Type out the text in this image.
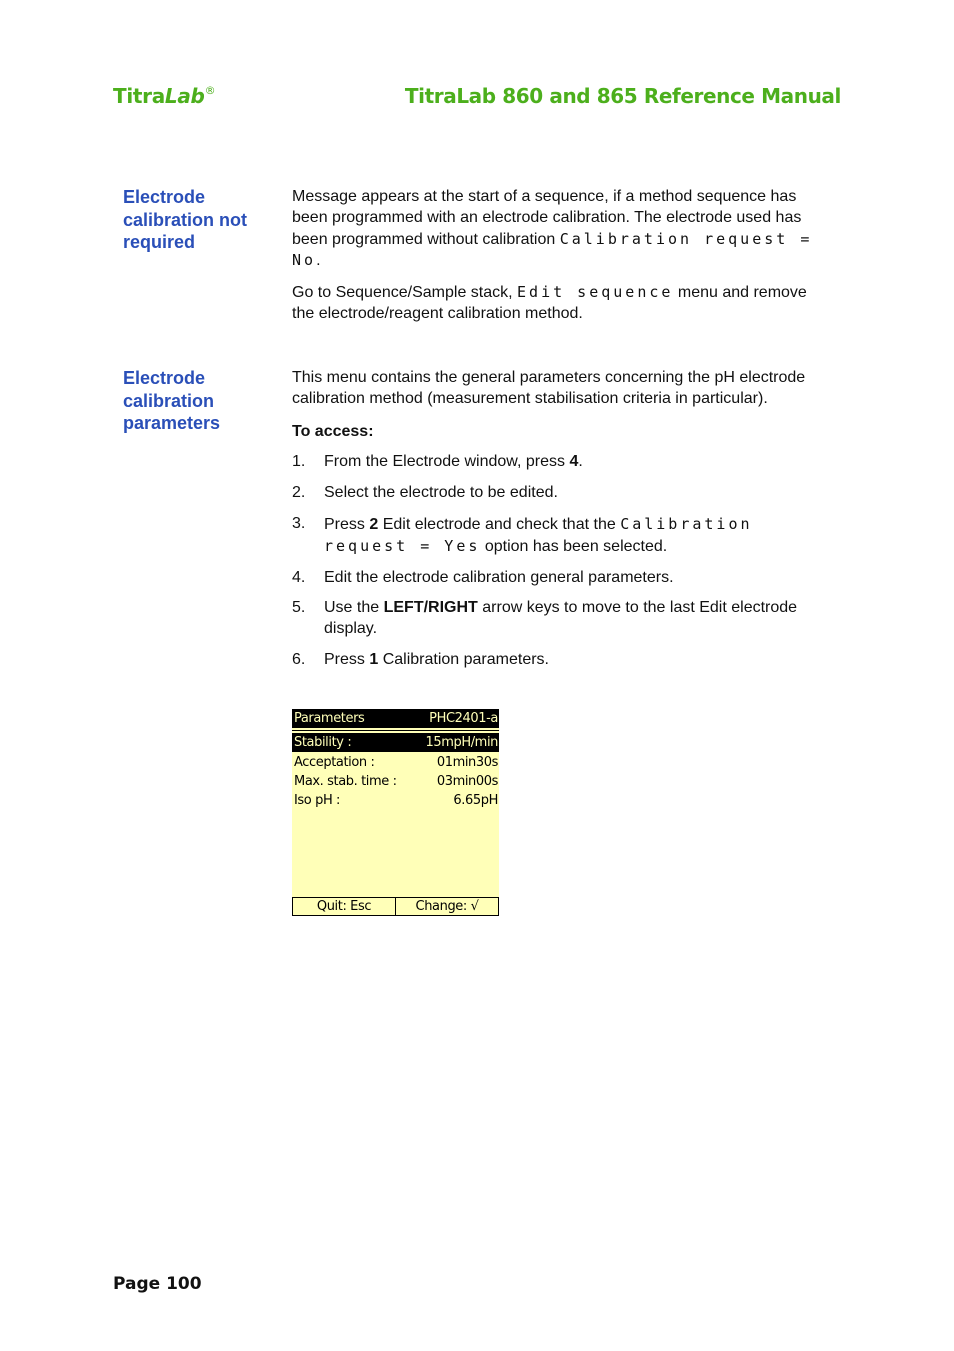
TitraLab®	TitraLab 860 and 865 Reference Manual
Electrode calibration not required

Message appears at the start of a sequence, if a method sequence has been programmed with an electrode calibration. The electrode used has been programmed without calibration Calibration request = No.

Go to Sequence/Sample stack, Edit sequence menu and remove the electrode/reagent calibration method.

Electrode calibration parameters

This menu contains the general parameters concerning the pH electrode calibration method (measurement stabilisation criteria in particular).

To access:

1. From the Electrode window, press 4.
2. Select the electrode to be edited.
3. Press 2 Edit electrode and check that the Calibration request = Yes option has been selected.
4. Edit the electrode calibration general parameters.
5. Use the LEFT/RIGHT arrow keys to move to the last Edit electrode display.
6. Press 1 Calibration parameters.
Parameters	PHC2401-a
Stability :	15mpH/min
Acceptation :	01min30s
Max. stab. time :	03min00s
Iso pH :	6.65pH
Quit: Esc	Change: √
Page 100
